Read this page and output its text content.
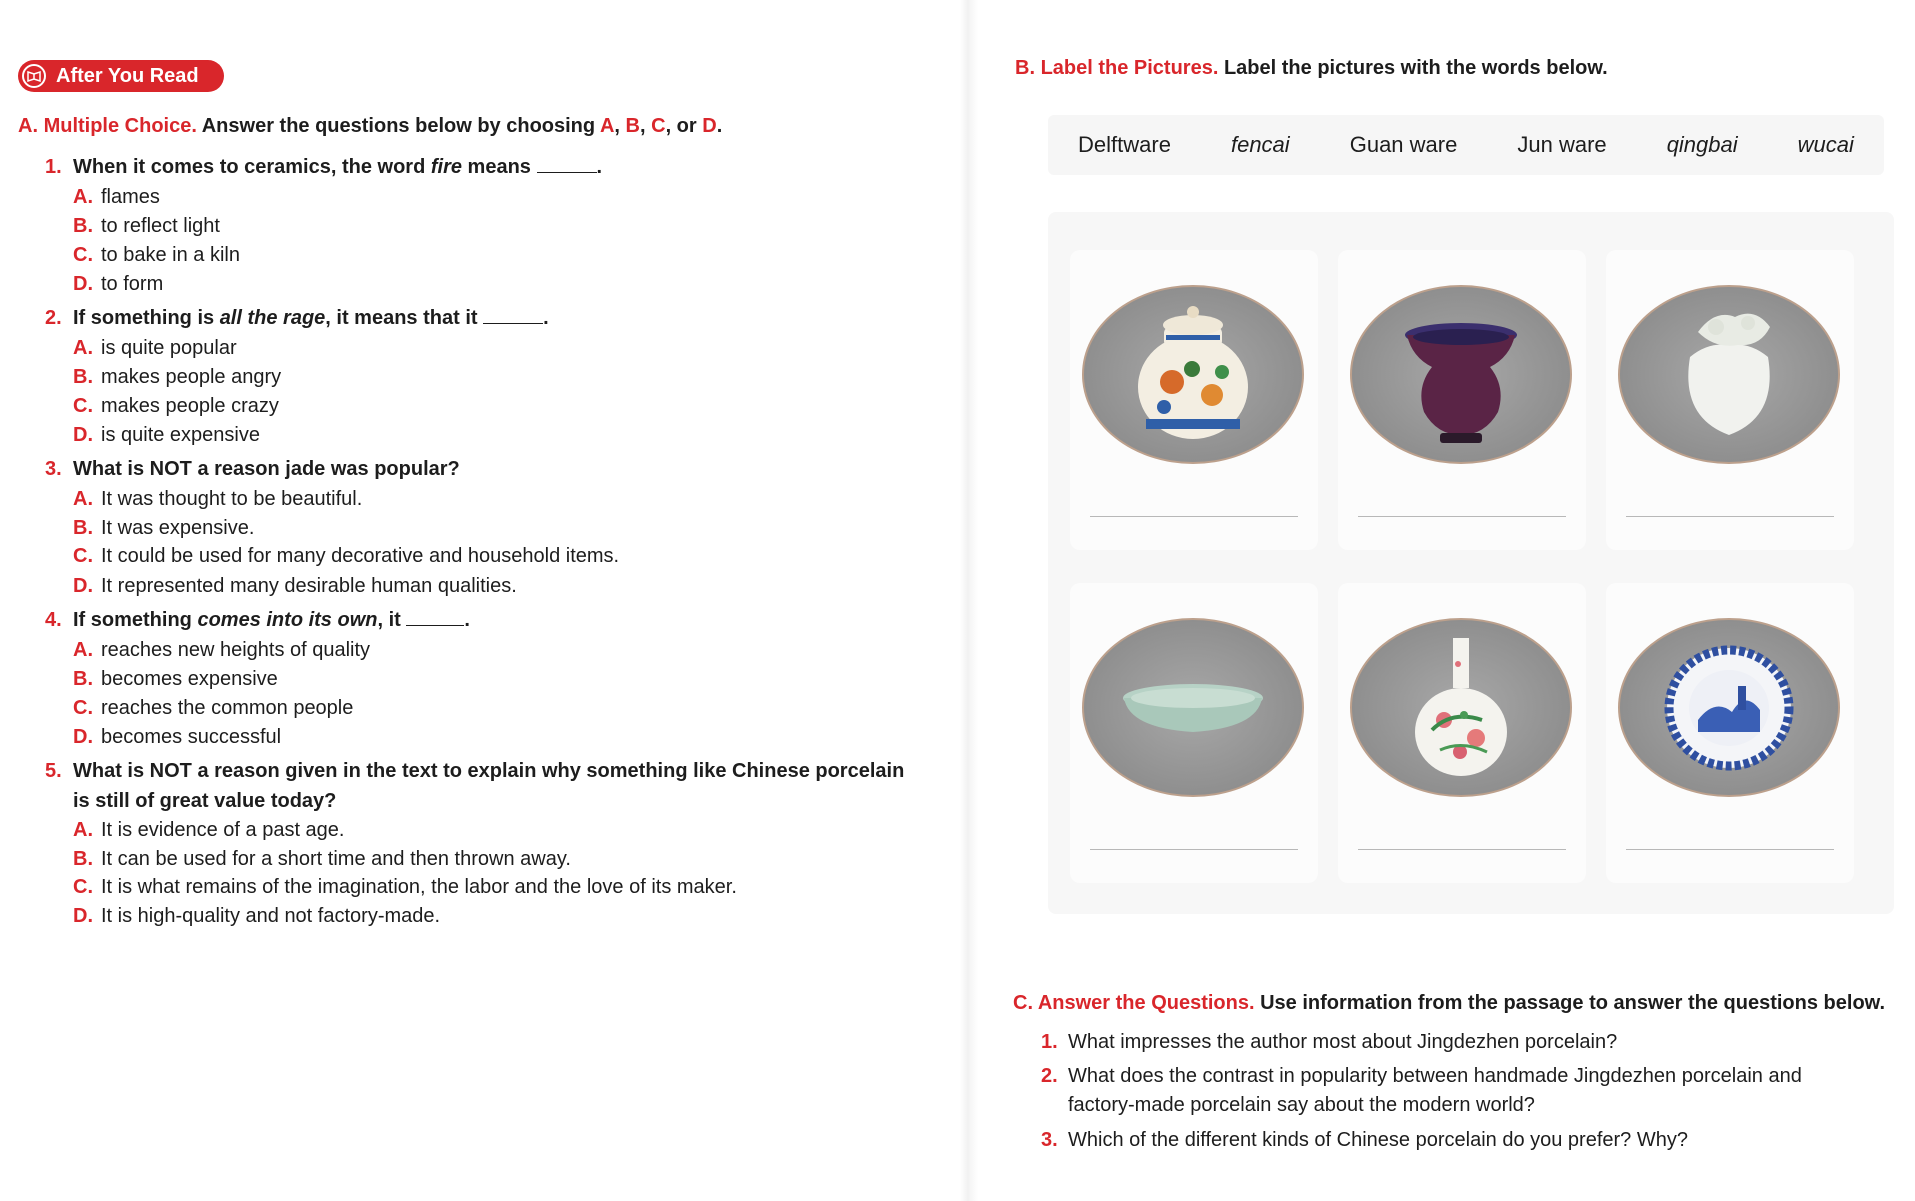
After You Read
A. Multiple Choice. Answer the questions below by choosing A, B, C, or D.
1. When it comes to ceramics, the word fire means	.
A. flames
B. to reflect light
C. to bake in a kiln
D. to form
2. If something is all the rage, it means that it	.
A. is quite popular
B. makes people angry
C. makes people crazy
D. is quite expensive
3. What is NOT a reason jade was popular?
A. It was thought to be beautiful.
B. It was expensive.
C. It could be used for many decorative and household items.
D. It represented many desirable human qualities.
4. If something comes into its own, it	.
A. reaches new heights of quality
B. becomes expensive
C. reaches the common people
D. becomes successful
5. What is NOT a reason given in the text to explain why something like Chinese porcelain
is still of great value today?
A. It is evidence of a past age.
B. It can be used for a short time and then thrown away.
C. It is what remains of the imagination, the labor and the love of its maker.
D. It is high-quality and not factory-made.
B. Label the Pictures. Label the pictures with the words below.
Delftware	fencai	Guan ware	Jun ware	qingbai	wucai
C. Answer the Questions. Use information from the passage to answer the questions below.
1. What impresses the author most about Jingdezhen porcelain?
2. What does the contrast in popularity between handmade Jingdezhen porcelain and
factory-made porcelain say about the modern world?
3. Which of the different kinds of Chinese porcelain do you prefer? Why?
